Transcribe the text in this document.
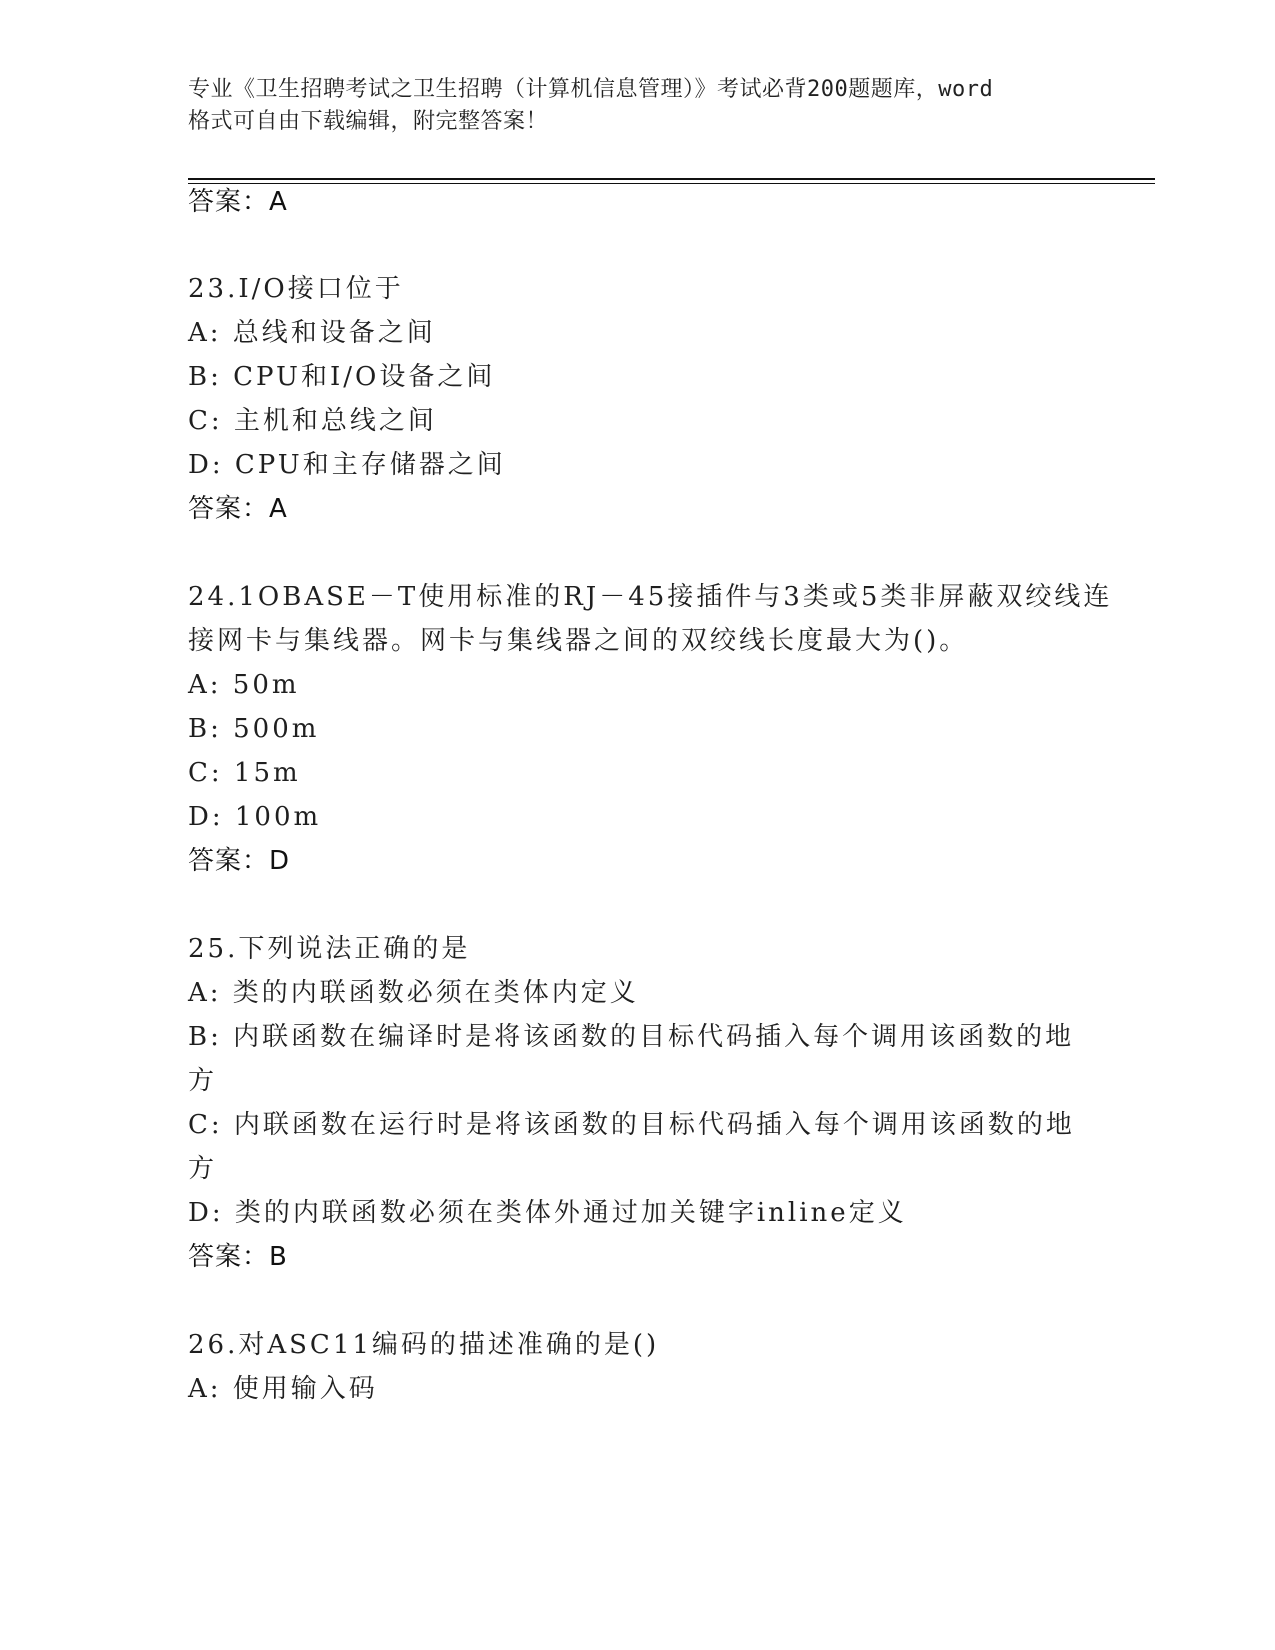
专业《卫生招聘考试之卫生招聘（计算机信息管理）》考试必背200题题库，word
格式可自由下载编辑，附完整答案！
答案：A
23.I/O接口位于
A: 总线和设备之间
B: CPU和I/O设备之间
C: 主机和总线之间
D: CPU和主存储器之间
答案：A
24.1OBASE－T使用标准的RJ－45接插件与3类或5类非屏蔽双绞线连
接网卡与集线器。网卡与集线器之间的双绞线长度最大为()。
A: 50m
B: 500m
C: 15m
D: 100m
答案：D
25.下列说法正确的是
A: 类的内联函数必须在类体内定义
B: 内联函数在编译时是将该函数的目标代码插入每个调用该函数的地
方
C: 内联函数在运行时是将该函数的目标代码插入每个调用该函数的地
方
D: 类的内联函数必须在类体外通过加关键字inline定义
答案：B
26.对ASC11编码的描述准确的是()
A: 使用输入码
